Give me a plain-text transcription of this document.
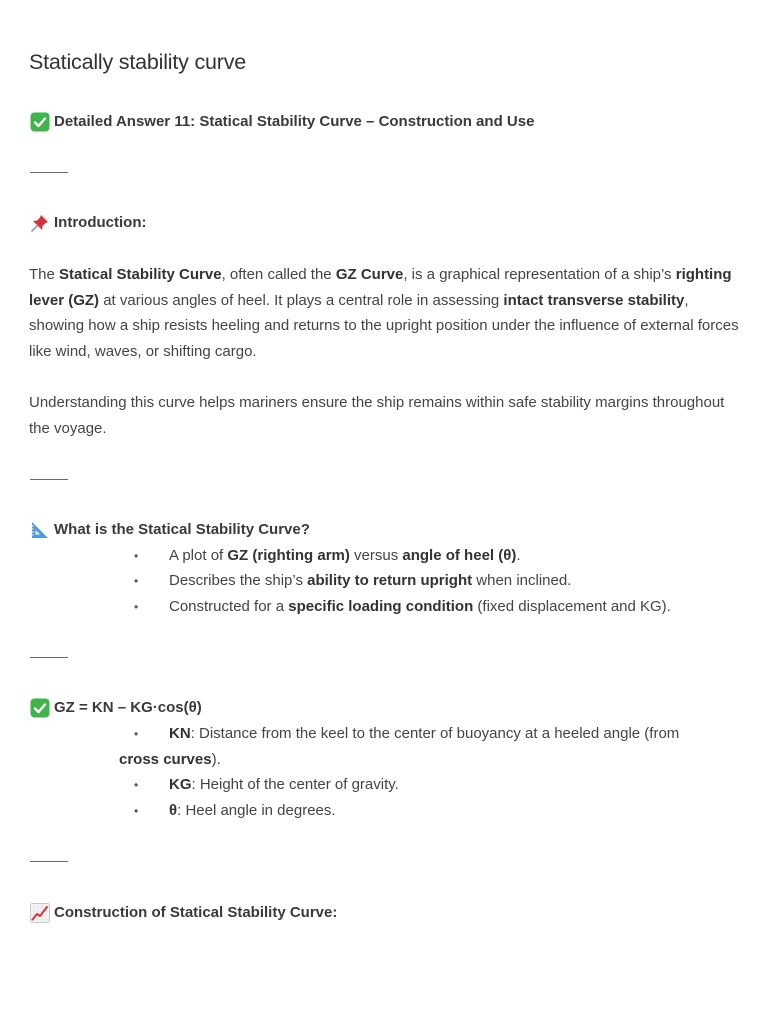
Statically stability curve
Detailed Answer 11: Statical Stability Curve – Construction and Use
Introduction:

The Statical Stability Curve, often called the GZ Curve, is a graphical representation of a ship’s righting lever (GZ) at various angles of heel. It plays a central role in assessing intact transverse stability, showing how a ship resists heeling and returns to the upright position under the influence of external forces like wind, waves, or shifting cargo.

Understanding this curve helps mariners ensure the ship remains within safe stability margins throughout the voyage.

What is the Statical Stability Curve?
• A plot of GZ (righting arm) versus angle of heel (θ).
• Describes the ship’s ability to return upright when inclined.
• Constructed for a specific loading condition (fixed displacement and KG).
GZ = KN – KG·cos(θ)
• KN: Distance from the keel to the center of buoyancy at a heeled angle (from
cross curves).
• KG: Height of the center of gravity.
• θ: Heel angle in degrees.
Construction of Statical Stability Curve:
